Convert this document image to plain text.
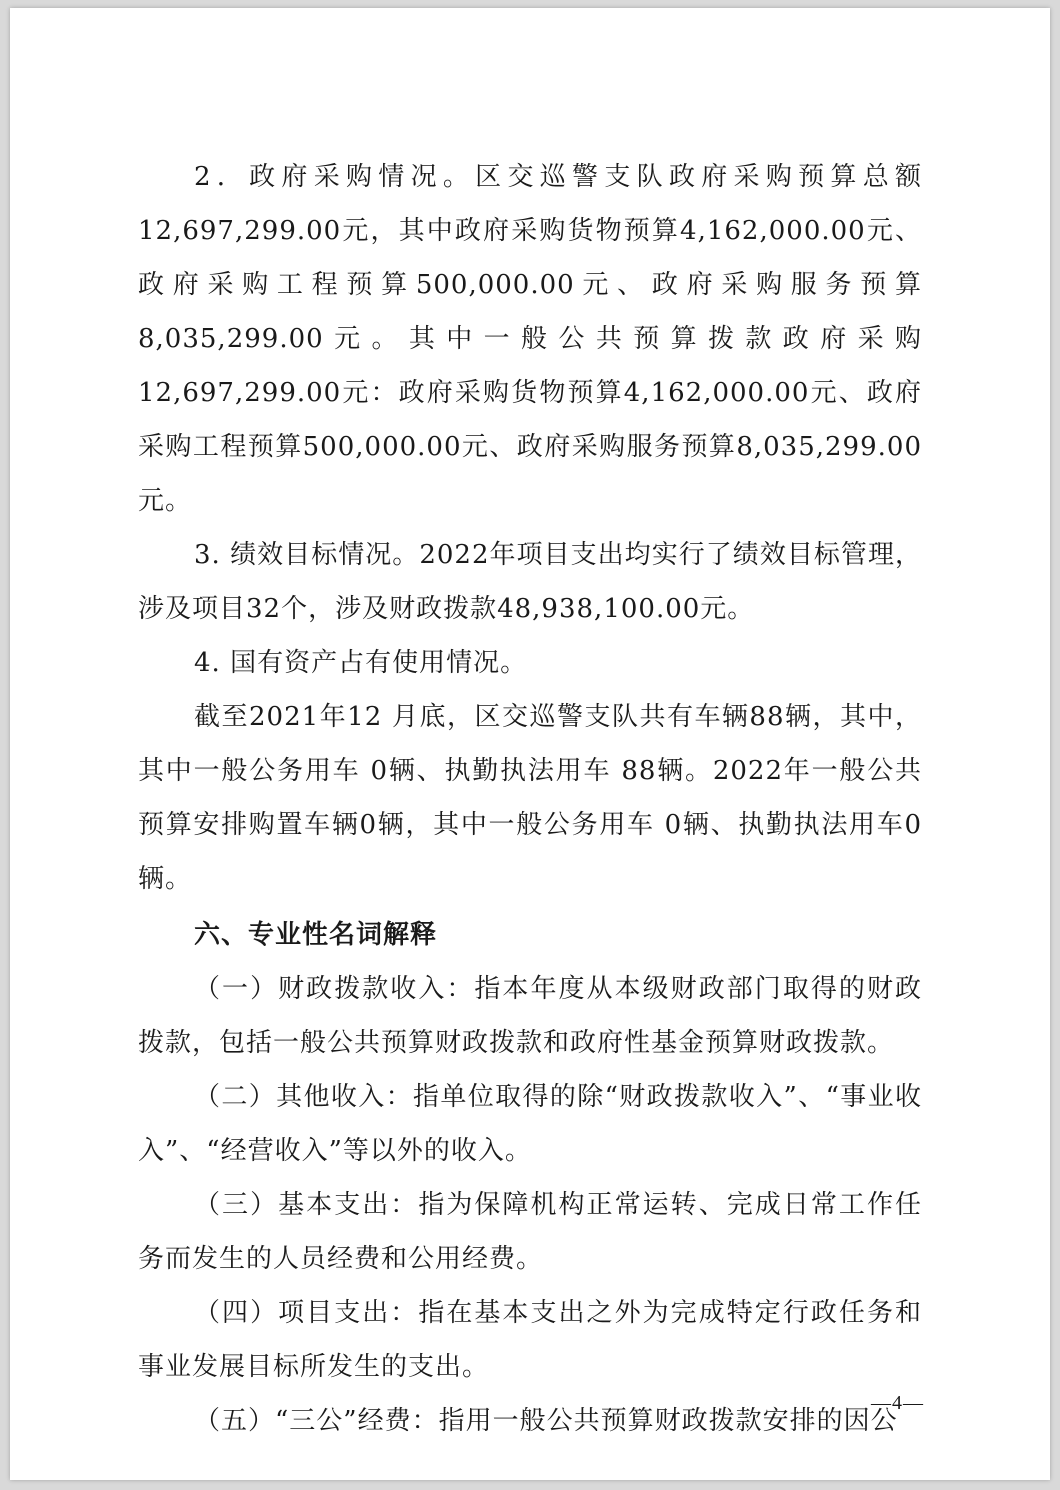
2．政府采购情况。区交巡警支队政府采购预算总额12,697,299.00元，其中政府采购货物预算4,162,000.00元、政府采购工程预算500,000.00元、政府采购服务预算8,035,299.00元。其中一般公共预算拨款政府采购12,697,299.00元：政府采购货物预算4,162,000.00元、政府采购工程预算500,000.00元、政府采购服务预算8,035,299.00元。

3. 绩效目标情况。2022年项目支出均实行了绩效目标管理，涉及项目32个，涉及财政拨款48,938,100.00元。

4. 国有资产占有使用情况。

截至2021年12 月底，区交巡警支队共有车辆88辆，其中，其中一般公务用车 0辆、执勤执法用车 88辆。2022年一般公共预算安排购置车辆0辆，其中一般公务用车 0辆、执勤执法用车0辆。

六、专业性名词解释

（一）财政拨款收入：指本年度从本级财政部门取得的财政拨款，包括一般公共预算财政拨款和政府性基金预算财政拨款。

（二）其他收入：指单位取得的除“财政拨款收入”、“事业收入”、“经营收入”等以外的收入。

（三）基本支出：指为保障机构正常运转、完成日常工作任务而发生的人员经费和公用经费。

（四）项目支出：指在基本支出之外为完成特定行政任务和事业发展目标所发生的支出。

（五）“三公”经费：指用一般公共预算财政拨款安排的因公

—4—
